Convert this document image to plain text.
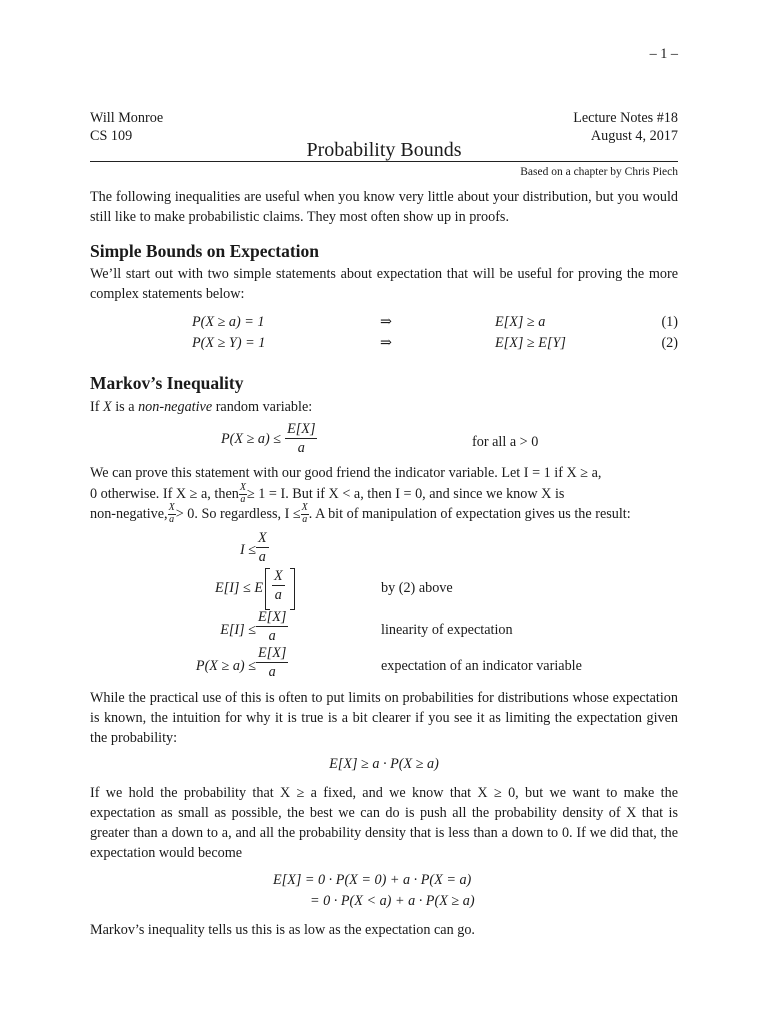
– 1 –
Will Monroe
CS 109
Lecture Notes #18
August 4, 2017
Probability Bounds
Based on a chapter by Chris Piech
The following inequalities are useful when you know very little about your distribution, but you would still like to make probabilistic claims. They most often show up in proofs.
Simple Bounds on Expectation
We’ll start out with two simple statements about expectation that will be useful for proving the more complex statements below:
P(X ≥ a) = 1	⇒	E[X] ≥ a	(1)
P(X ≥ Y) = 1	⇒	E[X] ≥ E[Y]	(2)
Markov’s Inequality
If X is a non-negative random variable:
$P(X \ge a) \le \frac{E[X]}{a}$	for all a > 0
We can prove this statement with our good friend the indicator variable. Let I = 1 if X ≥ a,
0 otherwise. If X ≥ a, then $\frac{X}{a} \ge 1 = I$. But if X < a, then I = 0, and since we know X is
non-negative, $\frac{X}{a} > 0$. So regardless, $I \le \frac{X}{a}$ . A bit of manipulation of expectation gives us the result:
$I \le \frac{X}{a}$
E[I] ≤ E $\frac{X}{a}$	by (2) above
$E[I] \le \frac{E[X]}{a}$	linearity of expectation
$P(X \ge a) \le \frac{E[X]}{a}$	expectation of an indicator variable
While the practical use of this is often to put limits on probabilities for distributions whose expectation is known, the intuition for why it is true is a bit clearer if you see it as limiting the expectation given the probability:
E[X] ≥ a · P(X ≥ a)
If we hold the probability that X ≥ a fixed, and we know that X ≥ 0, but we want to make the expectation as small as possible, the best we can do is push all the probability density of X that is greater than a down to a, and all the probability density that is less than a down to 0. If we did that, the expectation would become
E[X] = 0 · P(X = 0) + a · P(X = a)
= 0 · P(X < a) + a · P(X ≥ a)
Markov’s inequality tells us this is as low as the expectation can go.
